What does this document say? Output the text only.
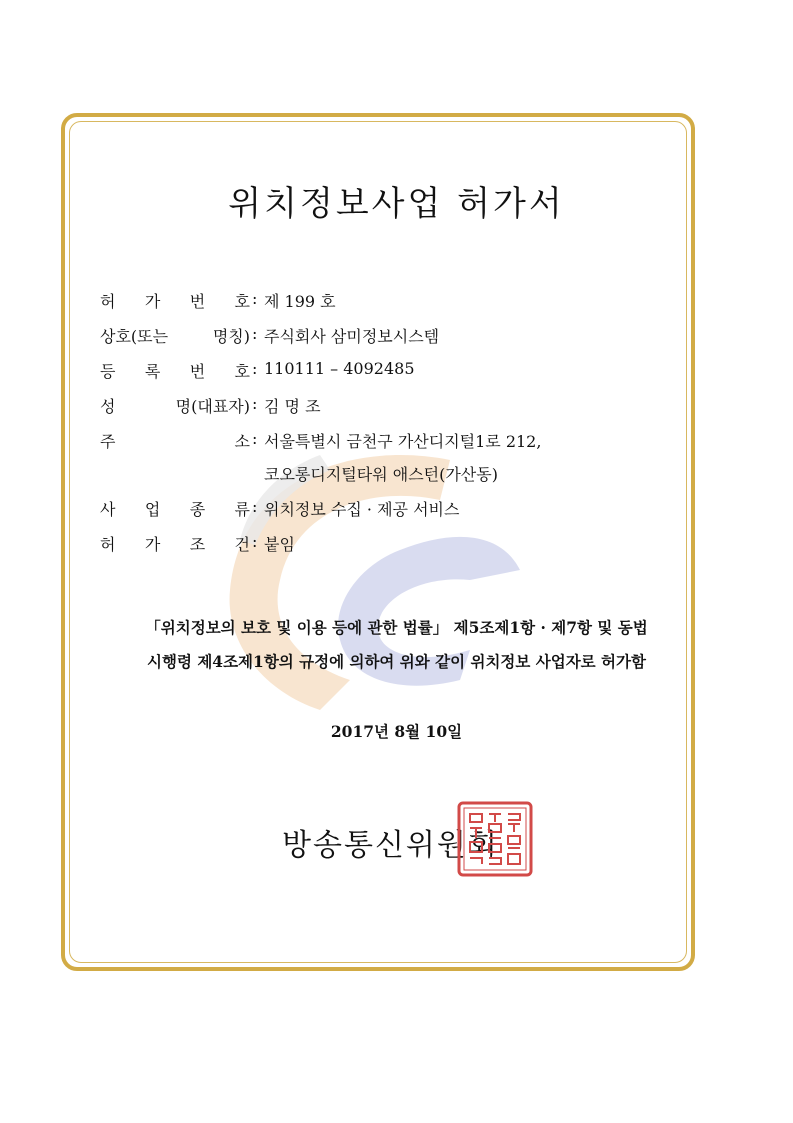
위치정보사업 허가서
허 가 번 호 : 제 199 호
상호(또는 명칭) : 주식회사 삼미정보시스템
등 록 번 호 : 110111 – 4092485
성 명(대표자) : 김 명 조
주 소 : 서울특별시 금천구 가산디지털1로 212,
코오롱디지털타워 애스턴(가산동)
사 업 종 류 : 위치정보 수집 · 제공 서비스
허 가 조 건 : 붙임
「위치정보의 보호 및 이용 등에 관한 법률」 제5조제1항 · 제7항 및 동법
시행령 제4조제1항의 규정에 의하여 위와 같이 위치정보 사업자로 허가함
2017년 8월 10일
방송통신위원회
